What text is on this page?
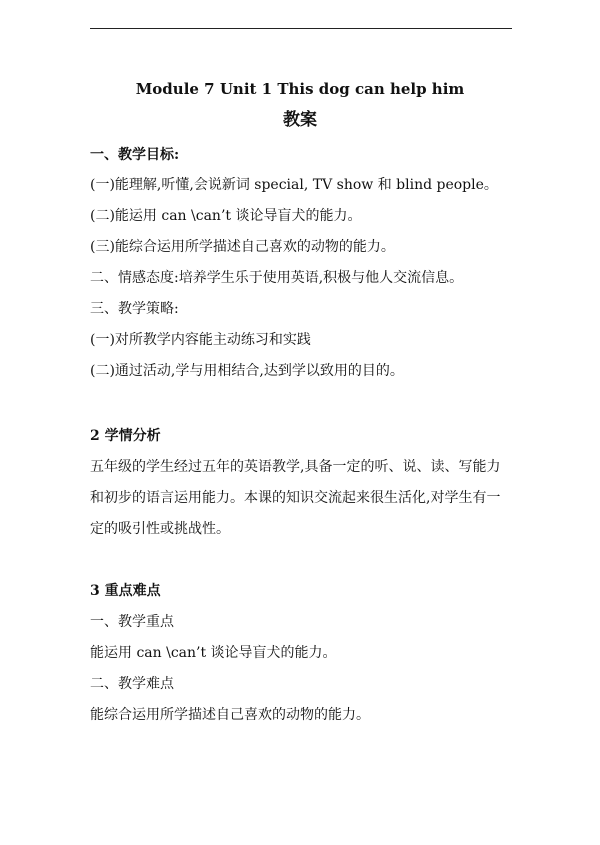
Module 7 Unit 1 This dog can help him
教案

一、教学目标:

(一)能理解,听懂,会说新词 special, TV show 和 blind people。

(二)能运用 can \can’t 谈论导盲犬的能力。

(三)能综合运用所学描述自己喜欢的动物的能力。

二、情感态度:培养学生乐于使用英语,积极与他人交流信息。

三、教学策略:

(一)对所教学内容能主动练习和实践

(二)通过活动,学与用相结合,达到学以致用的目的。

2 学情分析

五年级的学生经过五年的英语教学,具备一定的听、说、读、写能力

和初步的语言运用能力。本课的知识交流起来很生活化,对学生有一

定的吸引性或挑战性。

3 重点难点

一、教学重点

能运用 can \can’t 谈论导盲犬的能力。

二、教学难点

能综合运用所学描述自己喜欢的动物的能力。
